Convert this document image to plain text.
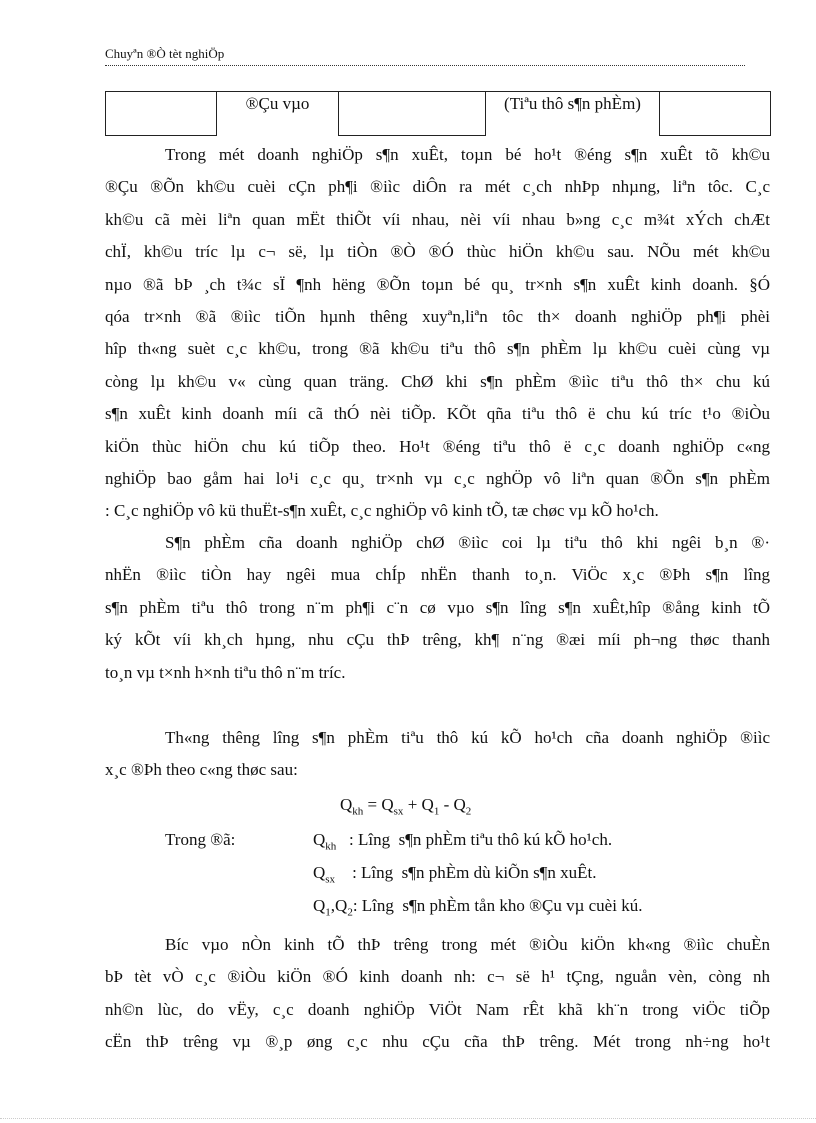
Chuyªn ®Ò tèt nghiÖp
®Çu vµo	(Tiªu thô s¶n phÈm)
Trong mét doanh nghiÖp s¶n xuÊt, toµn bé ho¹t ®éng s¶n xuÊt tõ kh©u
®Çu ®Õn kh©u cuèi cÇn ph¶i ®iìc diÔn ra mét c¸ch nhÞp nhµng, liªn tôc. C¸c
kh©u cã mèi liªn quan mËt thiÕt víi nhau, nèi víi nhau b»ng c¸c m¾t xÝch chÆt
chÏ, kh©u tríc lµ c¬ së, lµ tiÒn ®Ò ®Ó thùc hiÖn kh©u sau. NÕu mét kh©u
nµo ®ã bÞ ¸ch t¾c sÏ ¶nh hëng ®Õn toµn bé qu¸ tr×nh s¶n xuÊt kinh doanh. §Ó
qóa tr×nh ®ã ®iìc tiÕn hµnh thêng xuyªn,liªn tôc th× doanh nghiÖp ph¶i phèi
hîp th«ng suèt c¸c kh©u, trong ®ã kh©u tiªu thô s¶n phÈm lµ kh©u cuèi cùng vµ
còng lµ kh©u v« cùng quan träng. ChØ khi s¶n phÈm ®iìc tiªu thô th× chu kú
s¶n xuÊt kinh doanh míi cã thÓ nèi tiÕp. KÕt qña tiªu thô ë chu kú tríc t¹o ®iÒu
kiÖn thùc hiÖn chu kú tiÕp theo. Ho¹t ®éng tiªu thô ë c¸c doanh nghiÖp c«ng
nghiÖp bao gåm hai lo¹i c¸c qu¸ tr×nh vµ c¸c nghÖp vô liªn quan ®Õn s¶n phÈm
: C¸c nghiÖp vô kü thuËt-s¶n xuÊt, c¸c nghiÖp vô kinh tÕ, tæ chøc vµ kÕ ho¹ch.
S¶n phÈm cña doanh nghiÖp chØ ®iìc coi lµ tiªu thô khi ngêi b¸n ®·
nhËn ®iìc tiÒn hay ngêi mua chÍp nhËn thanh to¸n. ViÖc x¸c ®Þh s¶n lîng
s¶n phÈm tiªu thô trong n¨m ph¶i c¨n cø vµo s¶n lîng s¶n xuÊt,hîp ®ång kinh tÕ
ký kÕt víi kh¸ch hµng, nhu cÇu thÞ trêng, kh¶ n¨ng ®æi míi ph¬ng thøc thanh
to¸n vµ t×nh h×nh tiªu thô n¨m tríc.
Th«ng thêng lîng s¶n phÈm tiªu thô kú kÕ ho¹ch cña doanh nghiÖp ®iìc
x¸c ®Þh theo c«ng thøc sau:
Bíc vµo nÒn kinh tÕ thÞ trêng trong mét ®iÒu kiÖn kh«ng ®iìc chuÈn
bÞ tèt vÒ c¸c ®iÒu kiÖn ®Ó kinh doanh nh: c¬ së h¹ tÇng, nguån vèn, còng nh
nh©n lùc, do vËy, c¸c doanh nghiÖp ViÖt Nam rÊt khã kh¨n trong viÖc tiÕp
cËn thÞ trêng vµ ®¸p øng c¸c nhu cÇu cña thÞ trêng. Mét trong nh÷ng ho¹t
$Q_{kh} = Q_{sx} + Q_1 - Q_2$
Trong ®ã:	$Q_{kh}$   : Lîng  s¶n phÈm tiªu thô kú kÕ ho¹ch.
$Q_{sx}$    : Lîng  s¶n phÈm dù kiÕn s¶n xuÊt.
$Q_1,Q_2$: Lîng  s¶n phÈm tån kho ®Çu vµ cuèi kú.
